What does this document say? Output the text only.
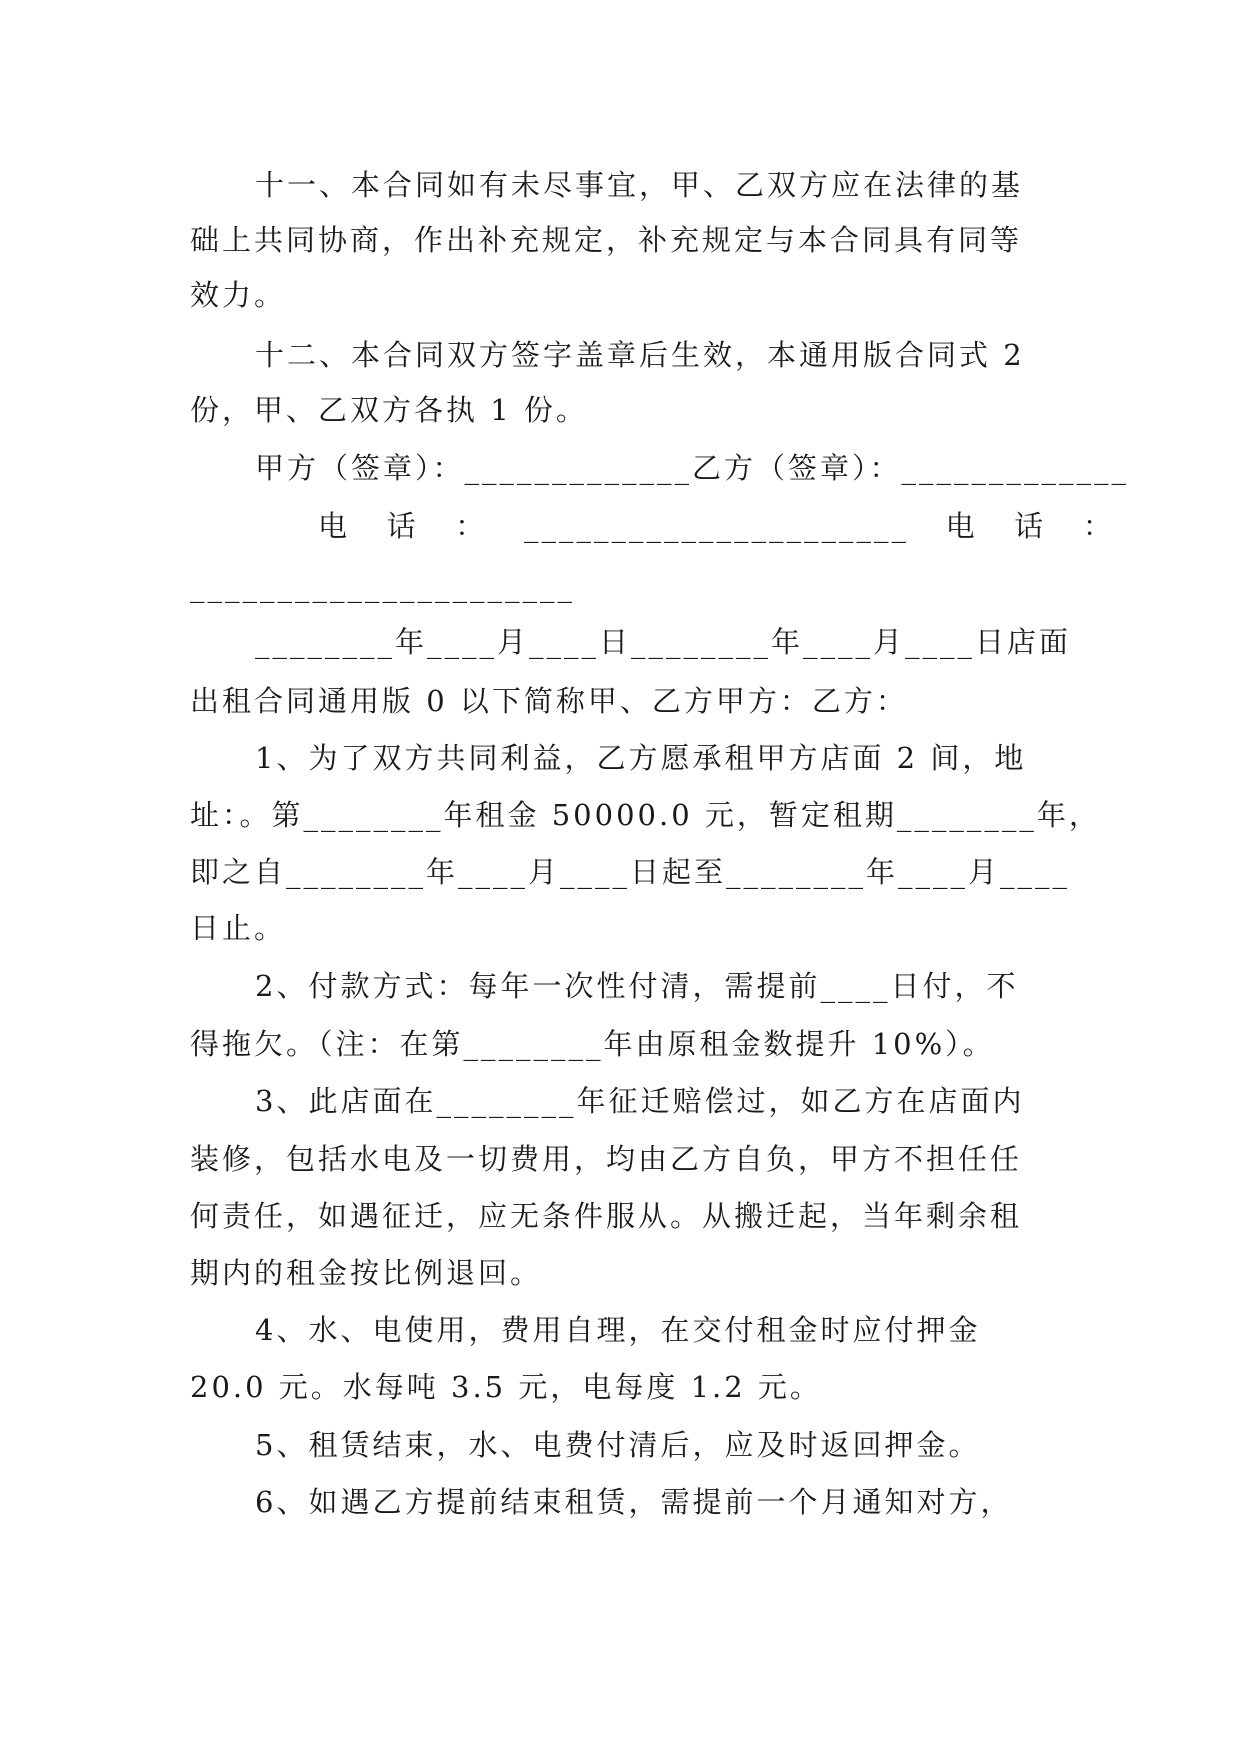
十一、本合同如有未尽事宜，甲、乙双方应在法律的基
础上共同协商，作出补充规定，补充规定与本合同具有同等
效力。
十二、本合同双方签字盖章后生效，本通用版合同式 2
份，甲、乙双方各执 1 份。
甲方（签章）：_____________乙方（签章）：_____________
电   话   ：   ______________________   电   话   ：
______________________
________年____月____日________年____月____日店面
出租合同通用版 0 以下简称甲、乙方甲方：乙方：
1、为了双方共同利益，乙方愿承租甲方店面 2 间，地
址：。第________年租金 50000.0 元，暂定租期________年，
即之自________年____月____日起至________年____月____
日止。
2、付款方式：每年一次性付清，需提前____日付，不
得拖欠。（注：在第________年由原租金数提升 10%）。
3、此店面在________年征迁赔偿过，如乙方在店面内
装修，包括水电及一切费用，均由乙方自负，甲方不担任任
何责任，如遇征迁，应无条件服从。从搬迁起，当年剩余租
期内的租金按比例退回。
4、水、电使用，费用自理，在交付租金时应付押金
20.0 元。水每吨 3.5 元，电每度 1.2 元。
5、租赁结束，水、电费付清后，应及时返回押金。
6、如遇乙方提前结束租赁，需提前一个月通知对方，
